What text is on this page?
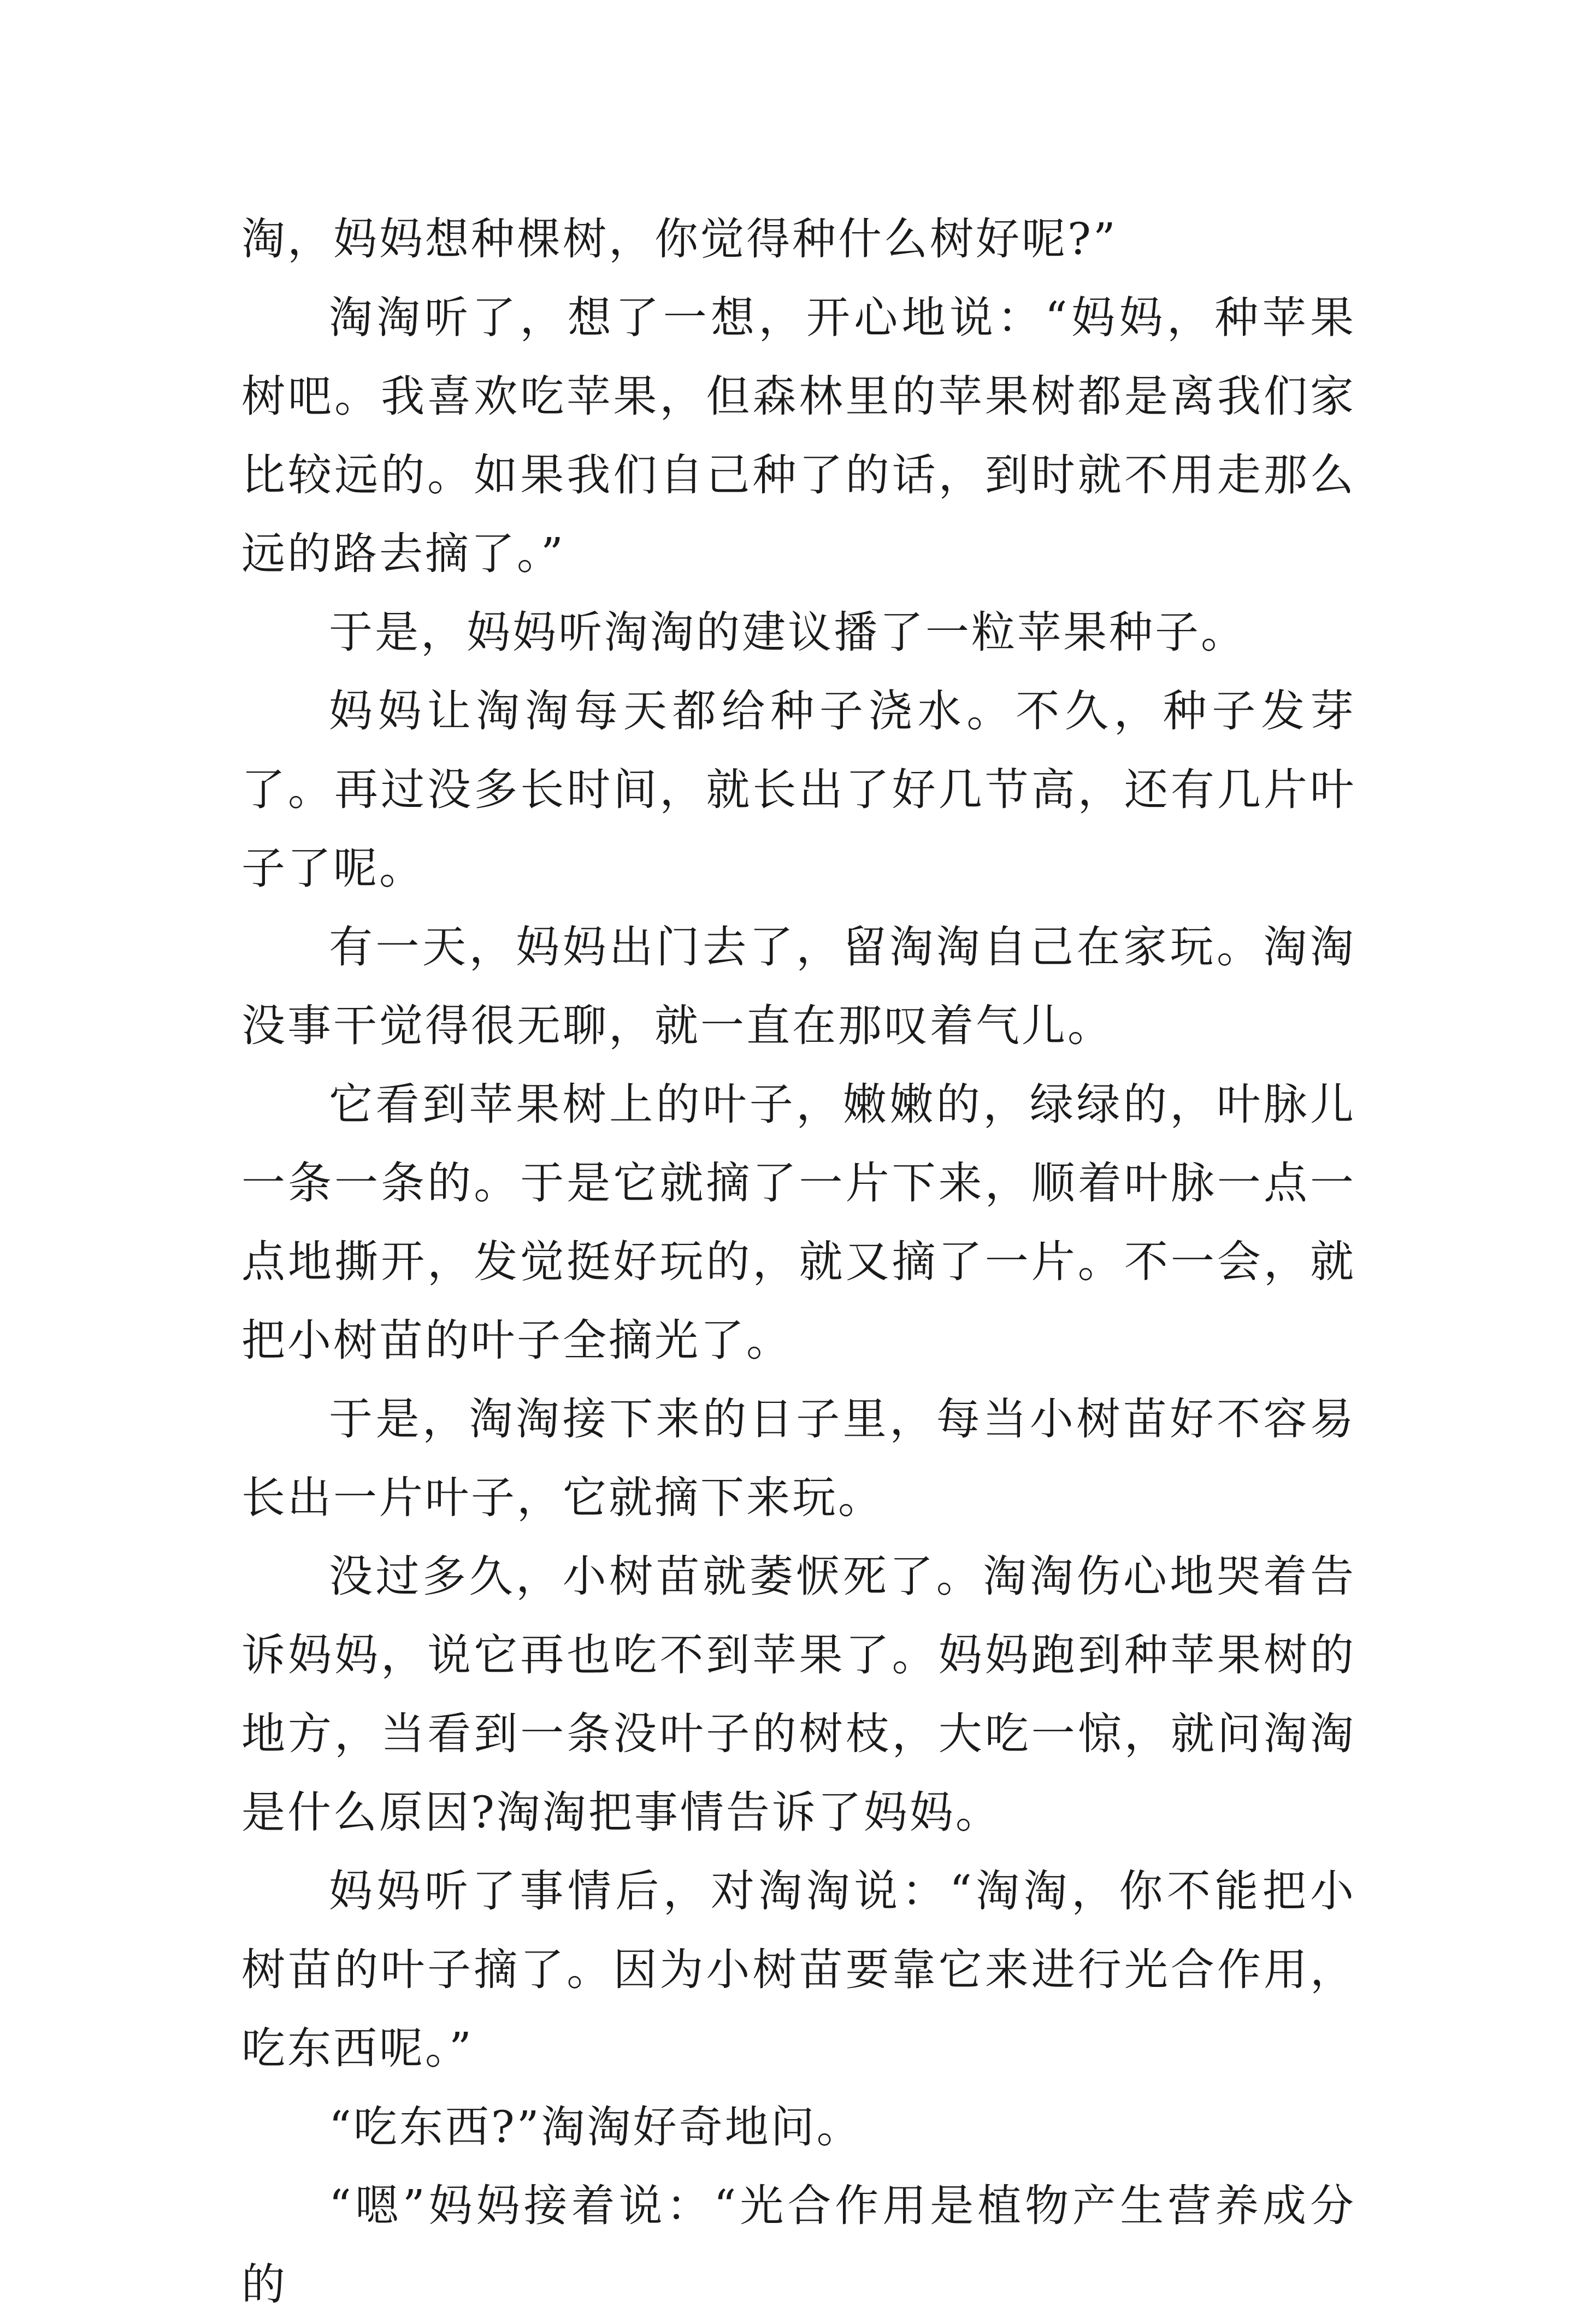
淘，妈妈想种棵树，你觉得种什么树好呢?”

淘淘听了，想了一想，开心地说：“妈妈，种苹果树吧。我喜欢吃苹果，但森林里的苹果树都是离我们家比较远的。如果我们自己种了的话，到时就不用走那么远的路去摘了。”

于是，妈妈听淘淘的建议播了一粒苹果种子。

妈妈让淘淘每天都给种子浇水。不久，种子发芽了。再过没多长时间，就长出了好几节高，还有几片叶子了呢。

有一天，妈妈出门去了，留淘淘自己在家玩。淘淘没事干觉得很无聊，就一直在那叹着气儿。

它看到苹果树上的叶子，嫩嫩的，绿绿的，叶脉儿一条一条的。于是它就摘了一片下来，顺着叶脉一点一点地撕开，发觉挺好玩的，就又摘了一片。不一会，就把小树苗的叶子全摘光了。

于是，淘淘接下来的日子里，每当小树苗好不容易长出一片叶子，它就摘下来玩。

没过多久，小树苗就萎恹死了。淘淘伤心地哭着告诉妈妈，说它再也吃不到苹果了。妈妈跑到种苹果树的地方，当看到一条没叶子的树枝，大吃一惊，就问淘淘是什么原因?淘淘把事情告诉了妈妈。

妈妈听了事情后，对淘淘说：“淘淘，你不能把小树苗的叶子摘了。因为小树苗要靠它来进行光合作用，吃东西呢。”

“吃东西?”淘淘好奇地问。

“嗯”妈妈接着说：“光合作用是植物产生营养成分的
